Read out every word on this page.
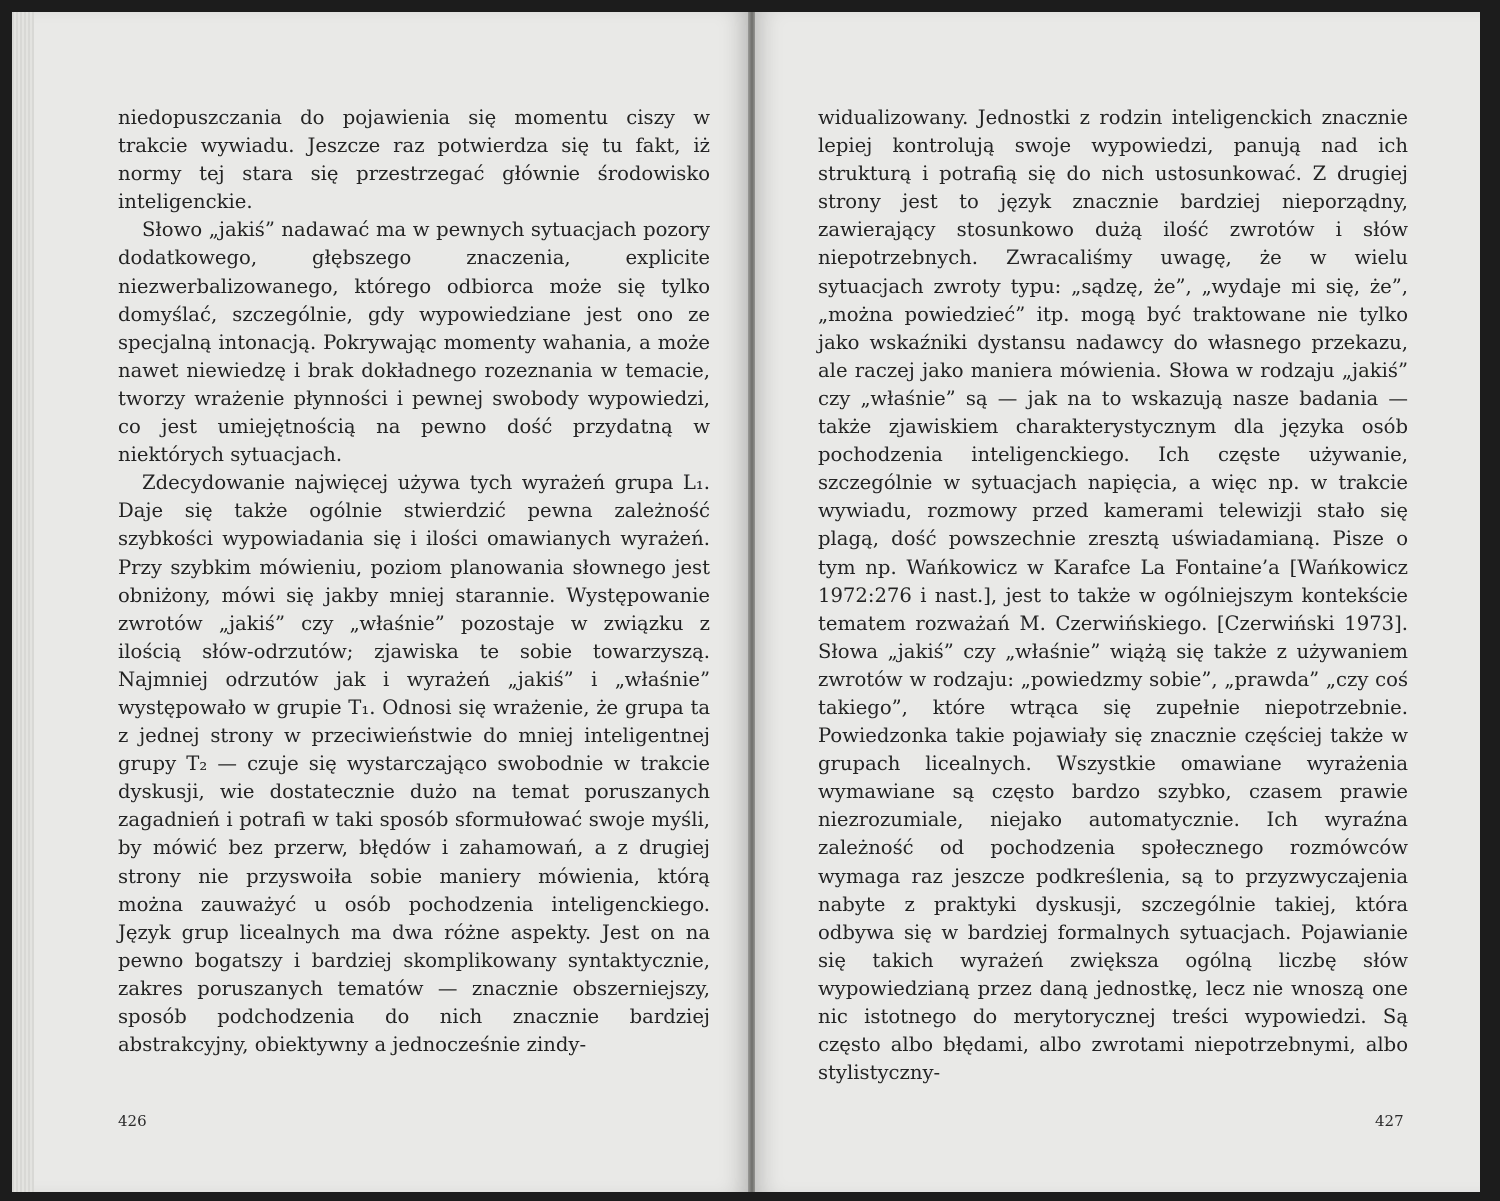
niedopuszczania do pojawienia się momentu ciszy w trakcie wywiadu. Jeszcze raz potwierdza się tu fakt, iż normy tej stara się przestrzegać głównie środowisko inteligenckie.

Słowo „jakiś” nadawać ma w pewnych sytuacjach pozory dodatkowego, głębszego znaczenia, explicite niezwerbalizowanego, którego odbiorca może się tylko domyślać, szczególnie, gdy wypowiedziane jest ono ze specjalną intonacją. Pokrywając momenty wahania, a może nawet niewiedzę i brak dokładnego rozeznania w temacie, tworzy wrażenie płynności i pewnej swobody wypowiedzi, co jest umiejętnością na pewno dość przydatną w niektórych sytuacjach.

Zdecydowanie najwięcej używa tych wyrażeń grupa L₁. Daje się także ogólnie stwierdzić pewna zależność szybkości wypowiadania się i ilości omawianych wyrażeń. Przy szybkim mówieniu, poziom planowania słownego jest obniżony, mówi się jakby mniej starannie. Występowanie zwrotów „jakiś” czy „właśnie” pozostaje w związku z ilością słów-odrzutów; zjawiska te sobie towarzyszą. Najmniej odrzutów jak i wyrażeń „jakiś” i „właśnie” występowało w grupie T₁. Odnosi się wrażenie, że grupa ta z jednej strony w przeciwieństwie do mniej inteligentnej grupy T₂ — czuje się wystarczająco swobodnie w trakcie dyskusji, wie dostatecznie dużo na temat poruszanych zagadnień i potrafi w taki sposób sformułować swoje myśli, by mówić bez przerw, błędów i zahamowań, a z drugiej strony nie przyswoiła sobie maniery mówienia, którą można zauważyć u osób pochodzenia inteligenckiego. Język grup licealnych ma dwa różne aspekty. Jest on na pewno bogatszy i bardziej skomplikowany syntaktycznie, zakres poruszanych tematów — znacznie obszerniejszy, sposób podchodzenia do nich znacznie bardziej abstrakcyjny, obiektywny a jednocześnie zindy-

426

widualizowany. Jednostki z rodzin inteligenckich znacznie lepiej kontrolują swoje wypowiedzi, panują nad ich strukturą i potrafią się do nich ustosunkować. Z drugiej strony jest to język znacznie bardziej nieporządny, zawierający stosunkowo dużą ilość zwrotów i słów niepotrzebnych. Zwracaliśmy uwagę, że w wielu sytuacjach zwroty typu: „sądzę, że”, „wydaje mi się, że”, „można powiedzieć” itp. mogą być traktowane nie tylko jako wskaźniki dystansu nadawcy do własnego przekazu, ale raczej jako maniera mówienia. Słowa w rodzaju „jakiś” czy „właśnie” są — jak na to wskazują nasze badania — także zjawiskiem charakterystycznym dla języka osób pochodzenia inteligenckiego. Ich częste używanie, szczególnie w sytuacjach napięcia, a więc np. w trakcie wywiadu, rozmowy przed kamerami telewizji stało się plagą, dość powszechnie zresztą uświadamianą. Pisze o tym np. Wańkowicz w Karafce La Fontaine’a [Wańkowicz 1972:276 i nast.], jest to także w ogólniejszym kontekście tematem rozważań M. Czerwińskiego. [Czerwiński 1973]. Słowa „jakiś” czy „właśnie” wiążą się także z używaniem zwrotów w rodzaju: „powiedzmy sobie”, „prawda” „czy coś takiego”, które wtrąca się zupełnie niepotrzebnie. Powiedzonka takie pojawiały się znacznie częściej także w grupach licealnych. Wszystkie omawiane wyrażenia wymawiane są często bardzo szybko, czasem prawie niezrozumiale, niejako automatycznie. Ich wyraźna zależność od pochodzenia społecznego rozmówców wymaga raz jeszcze podkreślenia, są to przyzwyczajenia nabyte z praktyki dyskusji, szczególnie takiej, która odbywa się w bardziej formalnych sytuacjach. Pojawianie się takich wyrażeń zwiększa ogólną liczbę słów wypowiedzianą przez daną jednostkę, lecz nie wnoszą one nic istotnego do merytorycznej treści wypowiedzi. Są często albo błędami, albo zwrotami niepotrzebnymi, albo stylistyczny-

427
